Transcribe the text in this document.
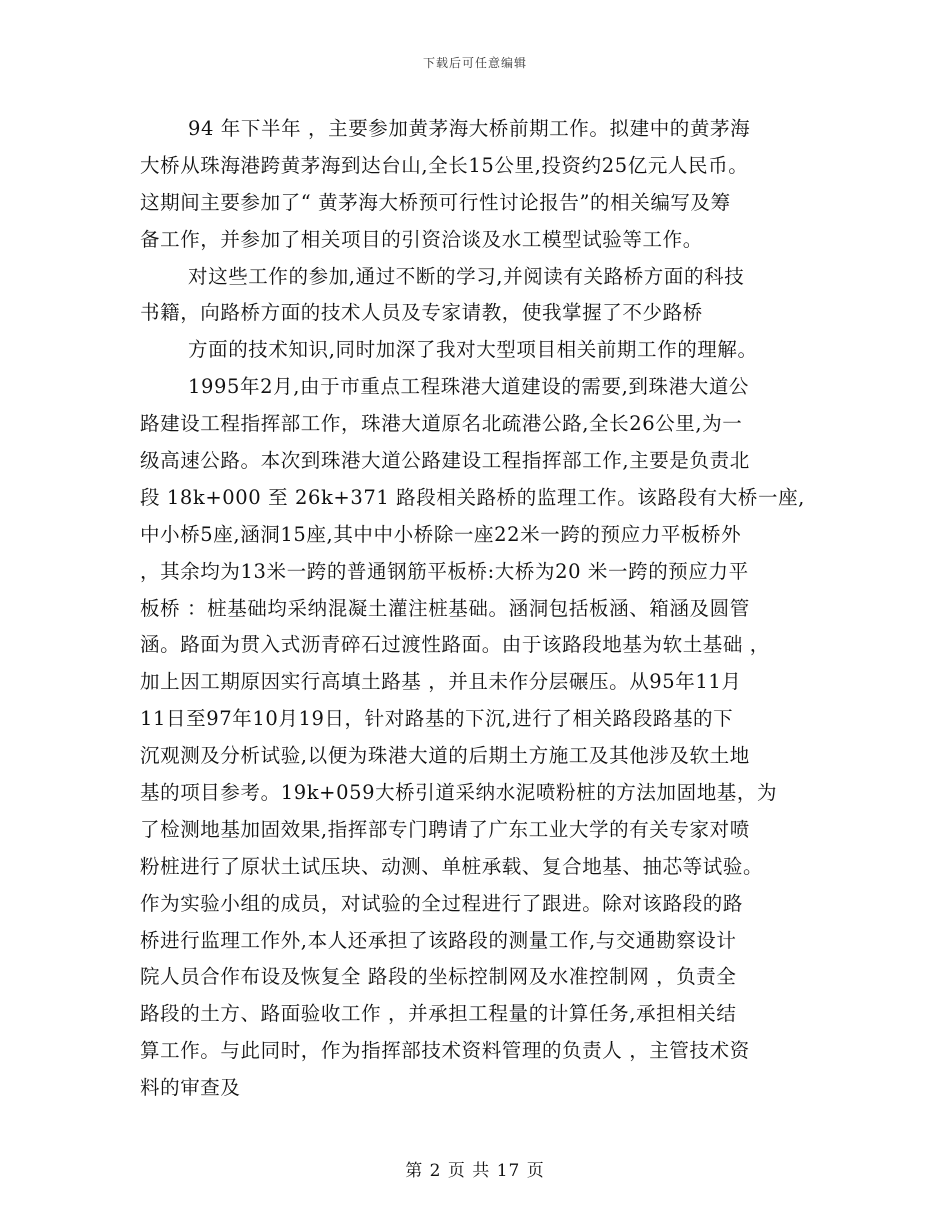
下载后可任意编辑
94 年下半年 ，主要参加黄茅海大桥前期工作。拟建中的黄茅海
大桥从珠海港跨黄茅海到达台山,全长15公里,投资约25亿元人民币。
这期间主要参加了“ 黄茅海大桥预可行性讨论报告”的相关编写及筹
备工作，并参加了相关项目的引资洽谈及水工模型试验等工作。
对这些工作的参加,通过不断的学习,并阅读有关路桥方面的科技
书籍，向路桥方面的技术人员及专家请教，使我掌握了不少路桥
方面的技术知识,同时加深了我对大型项目相关前期工作的理解。
1995年2月,由于市重点工程珠港大道建设的需要,到珠港大道公
路建设工程指挥部工作，珠港大道原名北疏港公路,全长26公里,为一
级高速公路。本次到珠港大道公路建设工程指挥部工作,主要是负责北
段 18k+000 至 26k+371 路段相关路桥的监理工作。该路段有大桥一座,
中小桥5座,涵洞15座,其中中小桥除一座22米一跨的预应力平板桥外
，其余均为13米一跨的普通钢筋平板桥:大桥为20 米一跨的预应力平
板桥 ：桩基础均采纳混凝土灌注桩基础。涵洞包括板涵、箱涵及圆管
涵。路面为贯入式沥青碎石过渡性路面。由于该路段地基为软土基础 ，
加上因工期原因实行高填土路基 ，并且未作分层碾压。从95年11月
11日至97年10月19日，针对路基的下沉,进行了相关路段路基的下
沉观测及分析试验,以便为珠港大道的后期土方施工及其他涉及软土地
基的项目参考。19k+059大桥引道采纳水泥喷粉桩的方法加固地基，为
了检测地基加固效果,指挥部专门聘请了广东工业大学的有关专家对喷
粉桩进行了原状土试压块、动测、单桩承载、复合地基、抽芯等试验。
作为实验小组的成员，对试验的全过程进行了跟进。除对该路段的路
桥进行监理工作外,本人还承担了该路段的测量工作,与交通勘察设计
院人员合作布设及恢复全 路段的坐标控制网及水准控制网 ，负责全
路段的土方、路面验收工作 ，并承担工程量的计算任务,承担相关结
算工作。与此同时，作为指挥部技术资料管理的负责人 ，主管技术资
料的审查及
第 2 页 共 17 页
